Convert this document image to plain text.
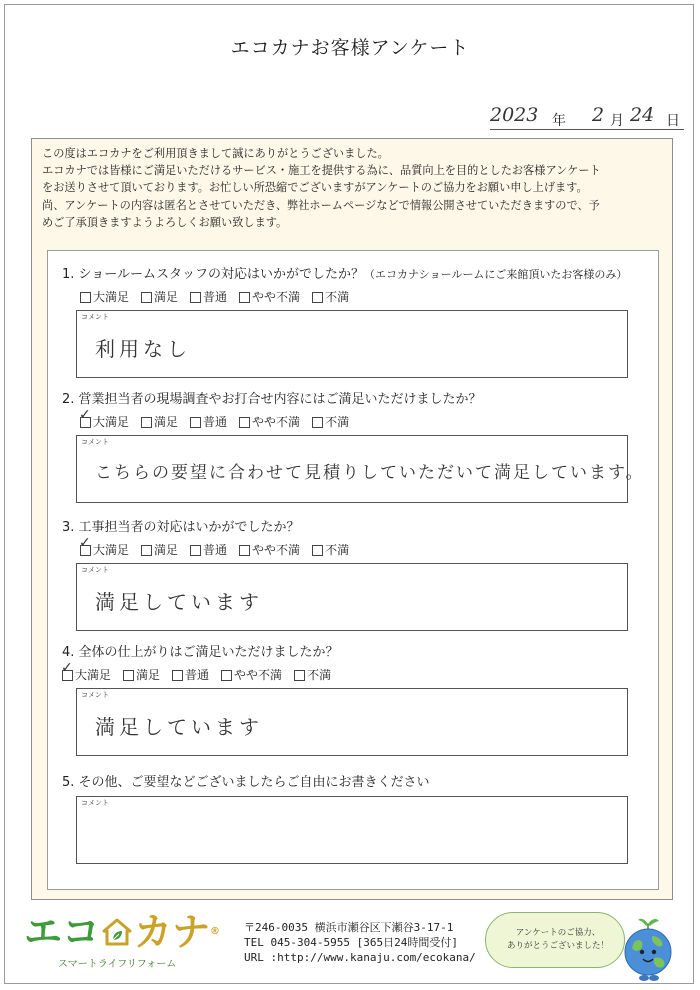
エコカナお客様アンケート
2023 年 2 月 24 日
この度はエコカナをご利用頂きまして誠にありがとうございました。
エコカナでは皆様にご満足いただけるサービス・施工を提供する為に、品質向上を目的としたお客様アンケート
をお送りさせて頂いております。お忙しい所恐縮でございますがアンケートのご協力をお願い申し上げます。
尚、アンケートの内容は匿名とさせていただき、弊社ホームページなどで情報公開させていただきますので、予
めご了承頂きますようよろしくお願い致します。
1. ショールームスタッフの対応はいかがでしたか？（エコカナショールームにご来館頂いたお客様のみ）
大満足 満足 普通 やや不満 不満
コメント
利用なし
2. 営業担当者の現場調査やお打合せ内容にはご満足いただけましたか？
✓ 大満足 満足 普通 やや不満 不満
コメント
こちらの要望に合わせて見積りしていただいて満足しています。
3. 工事担当者の対応はいかがでしたか？
✓ 大満足 満足 普通 やや不満 不満
コメント
満足しています
4. 全体の仕上がりはご満足いただけましたか？
✓ 大満足 満足 普通 やや不満 不満
コメント
満足しています
5. その他、ご要望などございましたらご自由にお書きください
コメント
エコ カナ®
スマートライフリフォーム
〒246-0035 横浜市瀬谷区下瀬谷3-17-1
TEL 045-304-5955 [365日24時間受付]
URL :http://www.kanaju.com/ecokana/
アンケートのご協力、
ありがとうございました！
